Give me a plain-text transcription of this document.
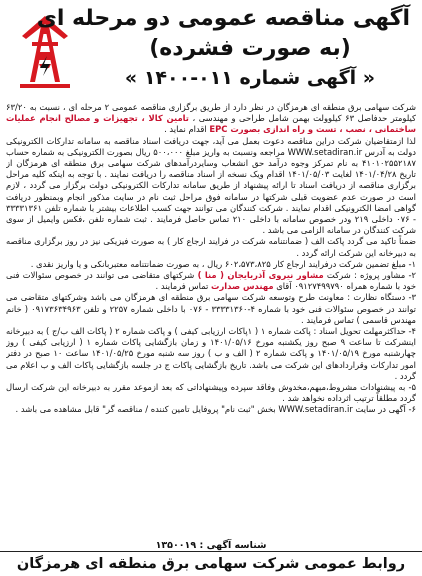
آگهی مناقصه عمومی دو مرحله ای
(به صورت فشرده)
« آگهی شماره ۰۱۱-۱۴۰۰ »

شرکت سهامی برق منطقه ای هرمزگان در نظر دارد از طریق برگزاری مناقصه عمومی ۲ مرحله ای ، نسبت به ۶۳/۲۰ کیلومتر حدفاصل ۶۳ کیلوولت بهمن شامل طراحی و مهندسی ، تامین کالا ، تجهیزات و مصالح انجام عملیات ساختمانی ، نصب ، تست و راه اندازی بصورت EPC اقدام نماید .

لذا ازمتقاضیان شرکت دراین مناقصه دعوت بعمل می آید، جهت دریافت اسناد مناقصه به سامانه تدارکات الکترونیکی دولت به آدرس WWW.setadiran.ir مراجعه ونسبت به واریز مبلغ ۵۰۰،۰۰۰ ریال بصورت الکترونیکی به شماره حساب ۴۱۰۱۰۲۵۵۲۱۸۷ به نام تمرکز وجوه درآمد حق انشعاب وسایردرآمدهای شرکت سهامی برق منطقه ای هرمزگان از تاریخ ۱۴۰۱/۰۴/۲۸ لغایت ۱۴۰۱/۰۵/۰۳ اقدام ویک نسخه از اسناد مناقصه را دریافت نمایند . با توجه به اینکه کلیه مراحل برگزاری مناقصه از دریافت اسناد تا ارائه پیشنهاد از طریق سامانه تدارکات الکترونیکی دولت برگزار می گردد ، لازم است در صورت عدم عضویت قبلی شرکتها در سامانه فوق مراحل ثبت نام در سایت مذکور انجام وبمنظور دریافت گواهی امضا الکترونیکی اقدام نمایند . شرکت کنندگان می توانند جهت کسب اطلاعات بیشتر با شماره تلفن ۳۳۳۳۱۳۶۱ - ۰۷۶ داخلی ۲۱۹ ودر خصوص سامانه با داخلی ۲۱۰ تماس حاصل فرمایند . ثبت شماره تلفن ،فکس وایمیل از سوی شرکت کنندگان در سامانه الزامی می باشد .

ضمناً تاکید می گردد پاکت الف ( ضمانتنامه شرکت در فرایند ارجاع کار ) به صورت فیزیکی نیز در روز برگزاری مناقصه به دبیرخانه این شرکت ارائه گردد .

۱- مبلغ تضمین شرکت درفرایند ارجاع کار ۶۰۲،۵۷۳،۸۲۵ ریال ، به صورت ضمانتنامه معتبربانکی و یا واریز نقدی .

۲- مشاور پروژه : شرکت مشاور نیروی آذربایجان ( منا ) شرکتهای متقاضی می توانند در خصوص سئوالات فنی خود با شماره همراه ۰۹۱۲۷۴۹۹۷۹۰ آقای مهندس صدارت تماس فرمایند .

۳- دستگاه نظارت : معاونت طرح وتوسعه شرکت سهامی برق منطقه ای هرمزگان می باشد وشرکتهای متقاضی می توانند در خصوص سئوالات فنی خود با شماره ۴-۳۳۳۳۱۳۶۰ - ۰۷۶ با داخلی شماره ۲۲۵۷ و تلفن ۰۹۱۷۳۶۳۴۹۶۳ ( خانم مهندس قاسمی ) تماس فرمایند .

۴- حداکثرمهلت تحویل اسناد : پاکت شماره ۱ ( ۱پاکات ارزیابی کیفی ) و پاکت شماره ۲ ( پاکات الف ب/ج ) به دبیرخانه اینشرکت تا ساعت ۹ صبح روز یکشنبه مورخ ۱۴۰۱/۰۵/۱۶ و زمان بازگشایی پاکات شماره ۱ ( ارزیابی کیفی ) روز چهارشنبه مورخ ۱۴۰۱/۰۵/۱۹ و پاکت شماره ۲ ( الف و ب ) روز سه شنبه مورخ ۱۴۰۱/۰۵/۲۵ ساعت ۱۰ صبح در دفتر امور تدارکات وقراردادهای این شرکت می باشد. تاریخ بازگشایی پاکات ج در جلسه بازگشایی پاکات الف و ب اعلام می گردد .

۵- به پیشنهادات مشروط،مبهم،مخدوش وفاقد سپرده وپیشنهاداتی که بعد ازموعد مقرر به دبیرخانه این شرکت ارسال گردد مطلقاً ترتیب اثرداده نخواهد شد .

۶- آگهی در سایت WWW.setadiran.ir بخش "ثبت نام" پروفایل تامین کننده / مناقصه گر" قابل مشاهده می باشد .

شناسه آگهی : ۱۳۵۰۰۱۹
روابط عمومی شرکت سهامی برق منطقه ای هرمزگان
